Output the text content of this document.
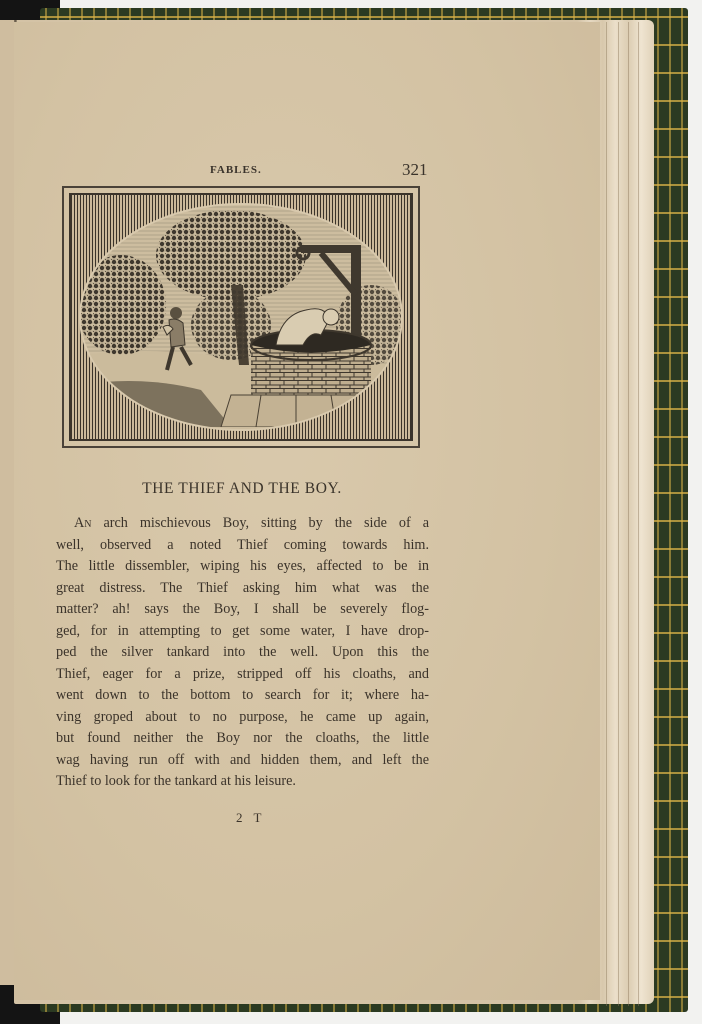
FABLES.	321
THE THIEF AND THE BOY.
An arch mischievous Boy, sitting by the side of a
well, observed a noted Thief coming towards him.
The little dissembler, wiping his eyes, affected to be in
great distress. The Thief asking him what was the
matter? ah! says the Boy, I shall be severely flog-
ged, for in attempting to get some water, I have drop-
ped the silver tankard into the well. Upon this the
Thief, eager for a prize, stripped off his cloaths, and
went down to the bottom to search for it; where ha-
ving groped about to no purpose, he came up again,
but found neither the Boy nor the cloaths, the little
wag having run off with and hidden them, and left the
Thief to look for the tankard at his leisure.
2 T
